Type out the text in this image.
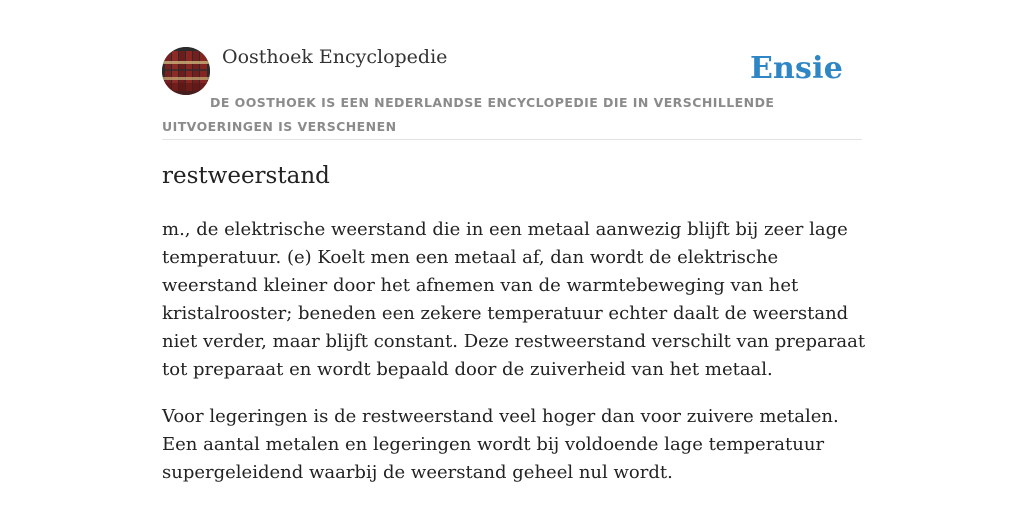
Oosthoek Encyclopedie	Ensie
DE OOSTHOEK IS EEN NEDERLANDSE ENCYCLOPEDIE DIE IN VERSCHILLENDE UITVOERINGEN IS VERSCHENEN
restweerstand

m., de elektrische weerstand die in een metaal aanwezig blijft bij zeer lage temperatuur. (e) Koelt men een metaal af, dan wordt de elektrische weerstand kleiner door het afnemen van de warmtebeweging van het kristalrooster; beneden een zekere temperatuur echter daalt de weerstand niet verder, maar blijft constant. Deze restweerstand verschilt van preparaat tot preparaat en wordt bepaald door de zuiverheid van het metaal.

Voor legeringen is de restweerstand veel hoger dan voor zuivere metalen. Een aantal metalen en legeringen wordt bij voldoende lage temperatuur supergeleidend waarbij de weerstand geheel nul wordt.
